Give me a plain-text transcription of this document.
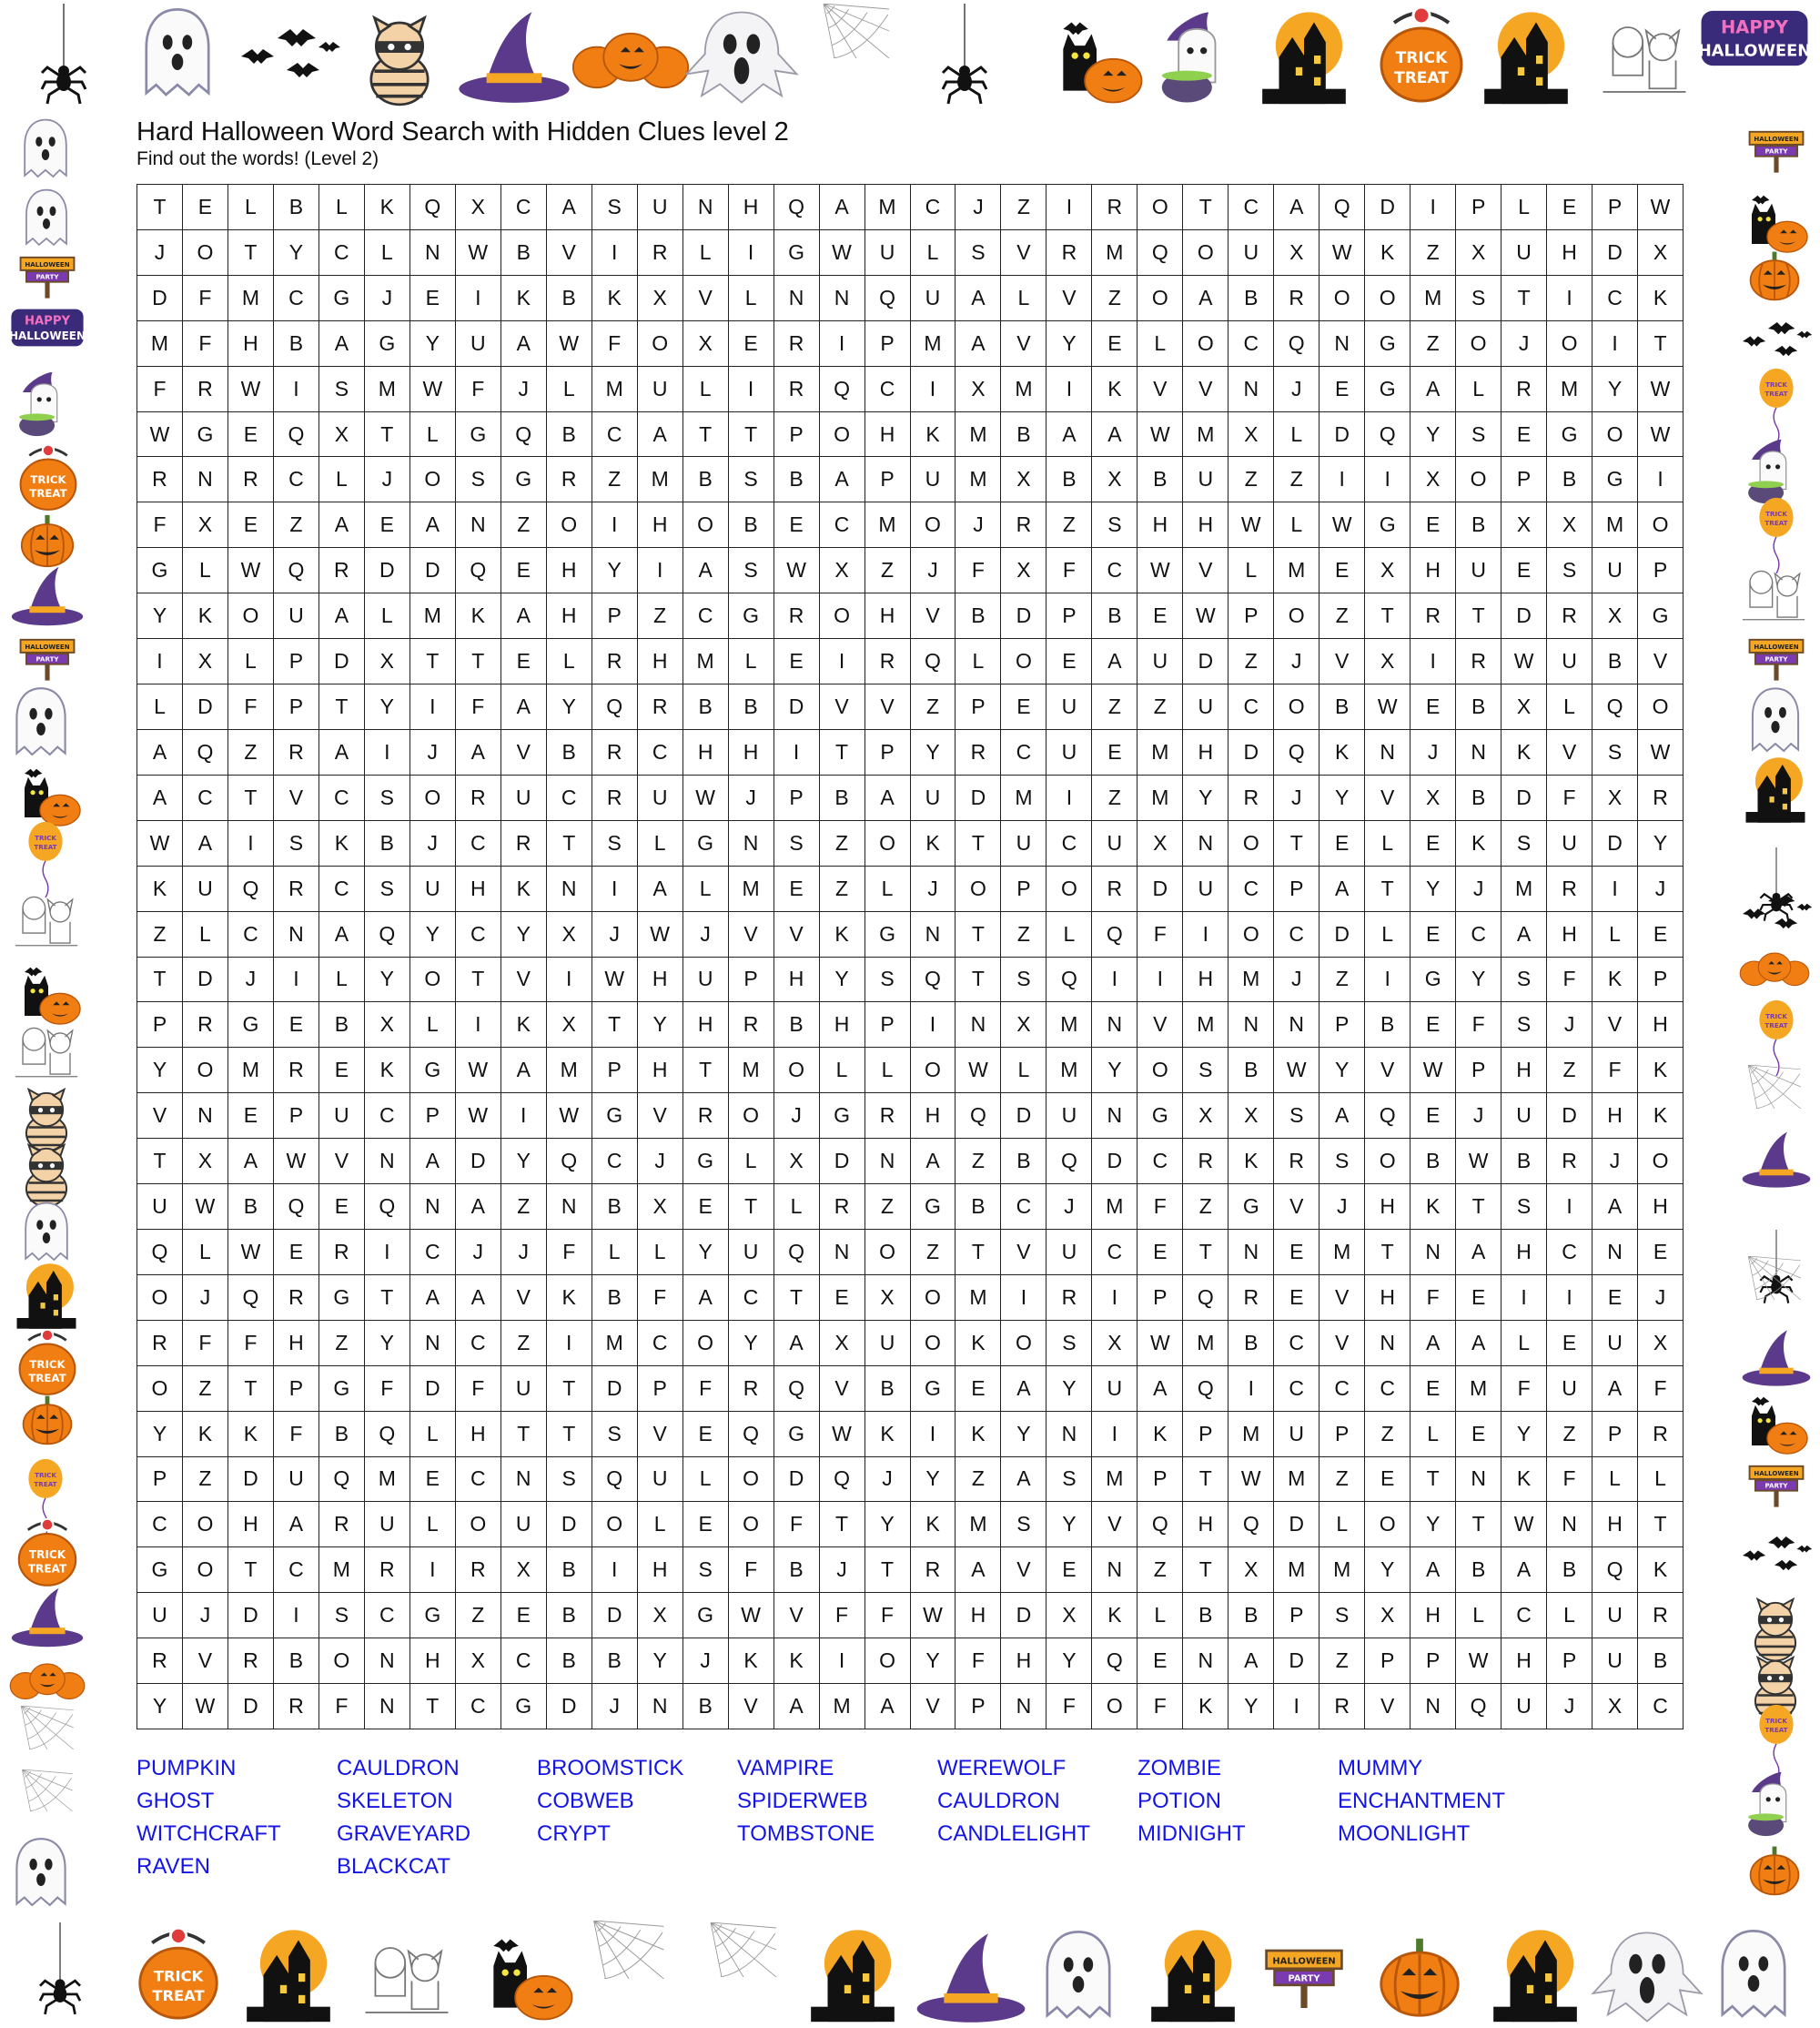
Hard Halloween Word Search with Hidden Clues level 2
Find out the words! (Level 2)
T	E	L	B	L	K	Q	X	C	A	S	U	N	H	Q	A	M	C	J	Z	I	R	O	T	C	A	Q	D	I	P	L	E	P	W
J	O	T	Y	C	L	N	W	B	V	I	R	L	I	G	W	U	L	S	V	R	M	Q	O	U	X	W	K	Z	X	U	H	D	X
D	F	M	C	G	J	E	I	K	B	K	X	V	L	N	N	Q	U	A	L	V	Z	O	A	B	R	O	O	M	S	T	I	C	K
M	F	H	B	A	G	Y	U	A	W	F	O	X	E	R	I	P	M	A	V	Y	E	L	O	C	Q	N	G	Z	O	J	O	I	T
F	R	W	I	S	M	W	F	J	L	M	U	L	I	R	Q	C	I	X	M	I	K	V	V	N	J	E	G	A	L	R	M	Y	W
W	G	E	Q	X	T	L	G	Q	B	C	A	T	T	P	O	H	K	M	B	A	A	W	M	X	L	D	Q	Y	S	E	G	O	W
R	N	R	C	L	J	O	S	G	R	Z	M	B	S	B	A	P	U	M	X	B	X	B	U	Z	Z	I	I	X	O	P	B	G	I
F	X	E	Z	A	E	A	N	Z	O	I	H	O	B	E	C	M	O	J	R	Z	S	H	H	W	L	W	G	E	B	X	X	M	O
G	L	W	Q	R	D	D	Q	E	H	Y	I	A	S	W	X	Z	J	F	X	F	C	W	V	L	M	E	X	H	U	E	S	U	P
Y	K	O	U	A	L	M	K	A	H	P	Z	C	G	R	O	H	V	B	D	P	B	E	W	P	O	Z	T	R	T	D	R	X	G
I	X	L	P	D	X	T	T	E	L	R	H	M	L	E	I	R	Q	L	O	E	A	U	D	Z	J	V	X	I	R	W	U	B	V
L	D	F	P	T	Y	I	F	A	Y	Q	R	B	B	D	V	V	Z	P	E	U	Z	Z	U	C	O	B	W	E	B	X	L	Q	O
A	Q	Z	R	A	I	J	A	V	B	R	C	H	H	I	T	P	Y	R	C	U	E	M	H	D	Q	K	N	J	N	K	V	S	W
A	C	T	V	C	S	O	R	U	C	R	U	W	J	P	B	A	U	D	M	I	Z	M	Y	R	J	Y	V	X	B	D	F	X	R
W	A	I	S	K	B	J	C	R	T	S	L	G	N	S	Z	O	K	T	U	C	U	X	N	O	T	E	L	E	K	S	U	D	Y
K	U	Q	R	C	S	U	H	K	N	I	A	L	M	E	Z	L	J	O	P	O	R	D	U	C	P	A	T	Y	J	M	R	I	J
Z	L	C	N	A	Q	Y	C	Y	X	J	W	J	V	V	K	G	N	T	Z	L	Q	F	I	O	C	D	L	E	C	A	H	L	E
T	D	J	I	L	Y	O	T	V	I	W	H	U	P	H	Y	S	Q	T	S	Q	I	I	H	M	J	Z	I	G	Y	S	F	K	P
P	R	G	E	B	X	L	I	K	X	T	Y	H	R	B	H	P	I	N	X	M	N	V	M	N	N	P	B	E	F	S	J	V	H
Y	O	M	R	E	K	G	W	A	M	P	H	T	M	O	L	L	O	W	L	M	Y	O	S	B	W	Y	V	W	P	H	Z	F	K
V	N	E	P	U	C	P	W	I	W	G	V	R	O	J	G	R	H	Q	D	U	N	G	X	X	S	A	Q	E	J	U	D	H	K
T	X	A	W	V	N	A	D	Y	Q	C	J	G	L	X	D	N	A	Z	B	Q	D	C	R	K	R	S	O	B	W	B	R	J	O
U	W	B	Q	E	Q	N	A	Z	N	B	X	E	T	L	R	Z	G	B	C	J	M	F	Z	G	V	J	H	K	T	S	I	A	H
Q	L	W	E	R	I	C	J	J	F	L	L	Y	U	Q	N	O	Z	T	V	U	C	E	T	N	E	M	T	N	A	H	C	N	E
O	J	Q	R	G	T	A	A	V	K	B	F	A	C	T	E	X	O	M	I	R	I	P	Q	R	E	V	H	F	E	I	I	E	J
R	F	F	H	Z	Y	N	C	Z	I	M	C	O	Y	A	X	U	O	K	O	S	X	W	M	B	C	V	N	A	A	L	E	U	X
O	Z	T	P	G	F	D	F	U	T	D	P	F	R	Q	V	B	G	E	A	Y	U	A	Q	I	C	C	C	E	M	F	U	A	F
Y	K	K	F	B	Q	L	H	T	T	S	V	E	Q	G	W	K	I	K	Y	N	I	K	P	M	U	P	Z	L	E	Y	Z	P	R
P	Z	D	U	Q	M	E	C	N	S	Q	U	L	O	D	Q	J	Y	Z	A	S	M	P	T	W	M	Z	E	T	N	K	F	L	L
C	O	H	A	R	U	L	O	U	D	O	L	E	O	F	T	Y	K	M	S	Y	V	Q	H	Q	D	L	O	Y	T	W	N	H	T
G	O	T	C	M	R	I	R	X	B	I	H	S	F	B	J	T	R	A	V	E	N	Z	T	X	M	M	Y	A	B	A	B	Q	K
U	J	D	I	S	C	G	Z	E	B	D	X	G	W	V	F	F	W	H	D	X	K	L	B	B	P	S	X	H	L	C	L	U	R
R	V	R	B	O	N	H	X	C	B	B	Y	J	K	K	I	O	Y	F	H	Y	Q	E	N	A	D	Z	P	P	W	H	P	U	B
Y	W	D	R	F	N	T	C	G	D	J	N	B	V	A	M	A	V	P	N	F	O	F	K	Y	I	R	V	N	Q	U	J	X	C
PUMPKIN	CAULDRON	BROOMSTICK	VAMPIRE	WEREWOLF	ZOMBIE	MUMMY
GHOST	SKELETON	COBWEB	SPIDERWEB	CAULDRON	POTION	ENCHANTMENT
WITCHCRAFT	GRAVEYARD	CRYPT	TOMBSTONE	CANDLELIGHT	MIDNIGHT	MOONLIGHT
RAVEN	BLACKCAT
TRICK
TREAT
HAPPY
HALLOWEEN
HALLOWEEN
PARTY
HAPPY
HALLOWEEN
TRICK
TREAT
HALLOWEEN
PARTY
TRICK
TREAT
TRICK
TREAT
TRICK
TREAT
TRICK
TREAT
HALLOWEEN
PARTY
TRICK
TREAT
TRICK
TREAT
HALLOWEEN
PARTY
TRICK
TREAT
HALLOWEEN
PARTY
TRICK
TREAT
TRICK
TREAT
HALLOWEEN
PARTY
